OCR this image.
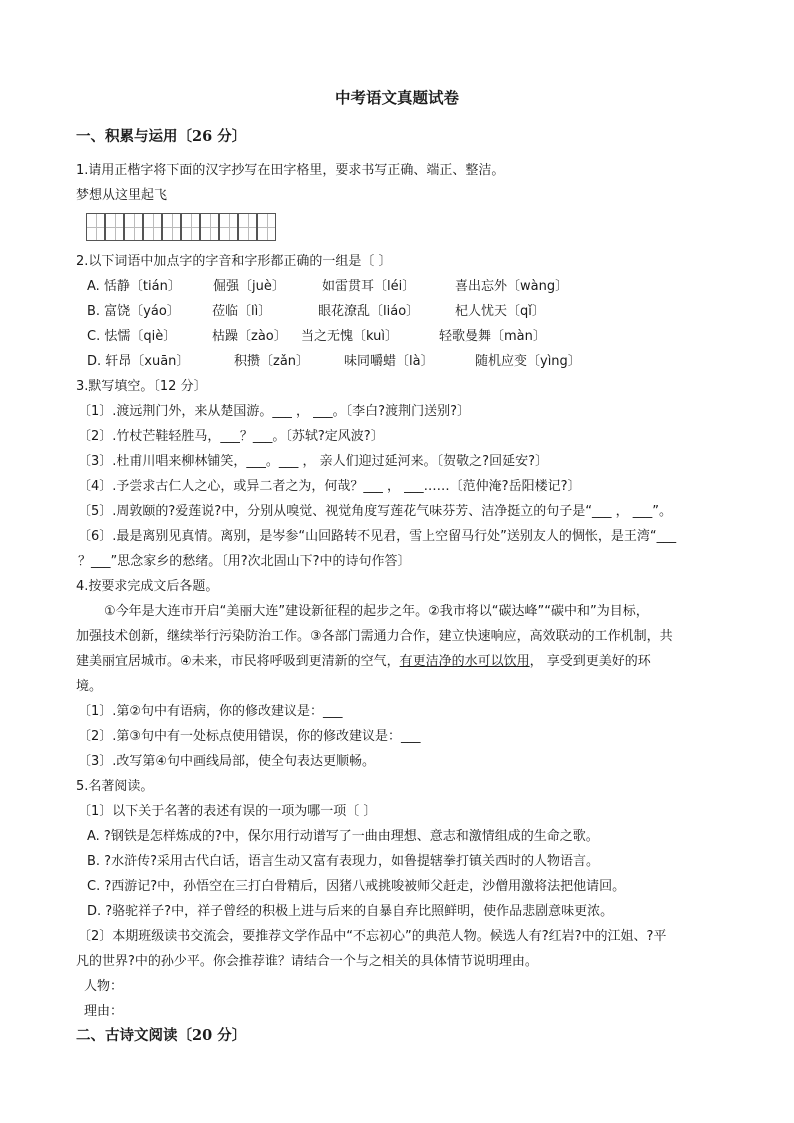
中考语文真题试卷
一、积累与运用〔26 分〕
1.请用正楷字将下面的汉字抄写在田字格里，要求书写正确、端正、整洁。
梦想从这里起飞
2.以下词语中加点字的字音和字形都正确的一组是〔 〕
A. 恬静〔tián〕 倔强〔juè〕	如雷贯耳〔léi〕	喜出忘外〔wàng〕
B. 富饶〔yáo〕 莅临〔lì〕	眼花潦乱〔liáo〕	杞人忧天〔qǐ〕
C. 怯懦〔qiè〕	枯躁〔zào〕 当之无愧〔kuì〕	轻歌曼舞〔màn〕
D. 轩昂〔xuān〕	积攒〔zǎn〕	味同嚼蜡〔là〕	随机应变〔yìng〕
3.默写填空。〔12 分〕
〔1〕.渡远荆门外，来从楚国游。___ ， ___。〔李白?渡荆门送别?〕
〔2〕.竹杖芒鞋轻胜马，___？___。〔苏轼?定风波?〕
〔3〕.杜甫川唱来柳林铺笑，___。___ ， 亲人们迎过延河来。〔贺敬之?回延安?〕
〔4〕.予尝求古仁人之心，或异二者之为，何哉？___ ， ___……〔范仲淹?岳阳楼记?〕
〔5〕.周敦颐的?爱莲说?中，分别从嗅觉、视觉角度写莲花气味芬芳、洁净挺立的句子是“___ ， ___”。
〔6〕.最是离别见真情。离别，是岑参“山回路转不见君，雪上空留马行处”送别友人的惆怅，是王湾“___
？___”思念家乡的愁绪。〔用?次北固山下?中的诗句作答〕
4.按要求完成文后各题。
①今年是大连市开启“美丽大连”建设新征程的起步之年。②我市将以“碳达峰”“碳中和”为目标，
加强技术创新，继续举行污染防治工作。③各部门需通力合作，建立快速响应，高效联动的工作机制，共
建美丽宜居城市。④未来，市民将呼吸到更清新的空气，有更洁净的水可以饮用， 享受到更美好的环
境。
〔1〕.第②句中有语病，你的修改建议是：___
〔2〕.第③句中有一处标点使用错误，你的修改建议是：___
〔3〕.改写第④句中画线局部，使全句表达更顺畅。
5.名著阅读。
〔1〕以下关于名著的表述有误的一项为哪一项〔 〕
A. ?钢铁是怎样炼成的?中，保尔用行动谱写了一曲由理想、意志和激情组成的生命之歌。
B. ?水浒传?采用古代白话，语言生动又富有表现力，如鲁提辖拳打镇关西时的人物语言。
C. ?西游记?中，孙悟空在三打白骨精后，因猪八戒挑唆被师父赶走，沙僧用激将法把他请回。
D. ?骆驼祥子?中，祥子曾经的积极上进与后来的自暴自弃比照鲜明，使作品悲剧意味更浓。
〔2〕本期班级读书交流会，要推荐文学作品中“不忘初心”的典范人物。候选人有?红岩?中的江姐、?平
凡的世界?中的孙少平。你会推荐谁？请结合一个与之相关的具体情节说明理由。
人物：
理由：
二、古诗文阅读〔20 分〕
